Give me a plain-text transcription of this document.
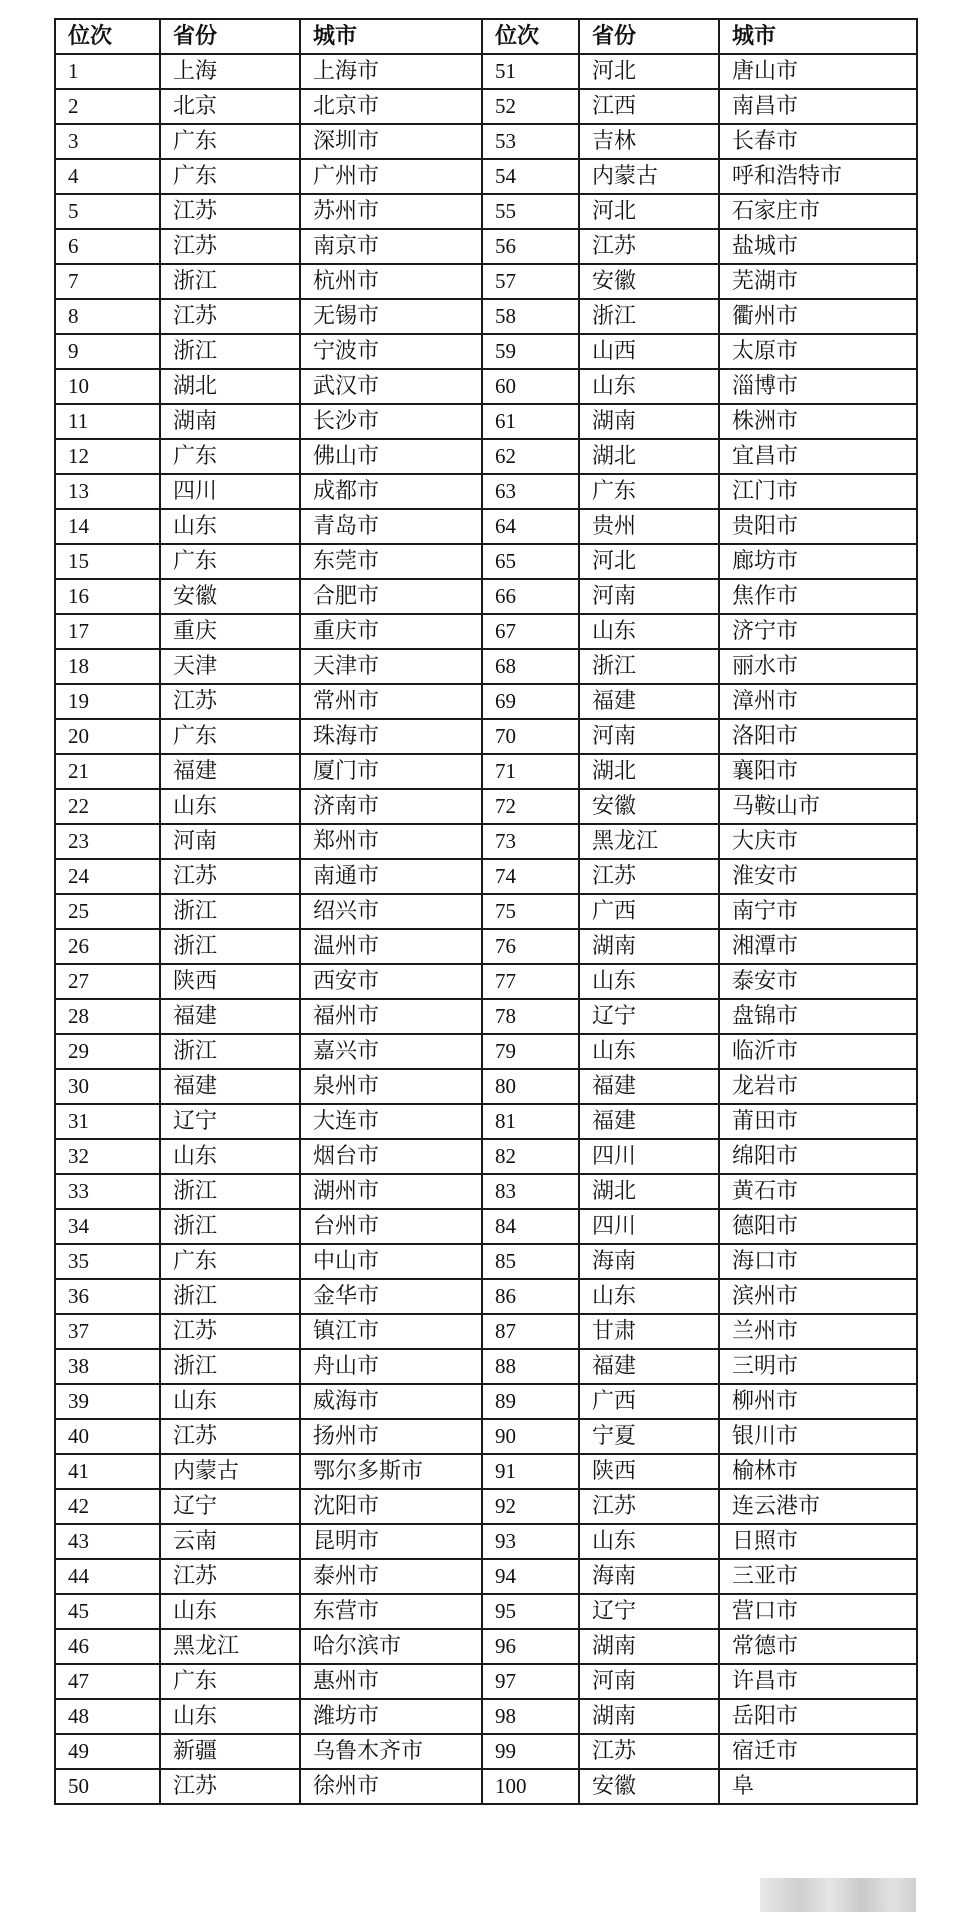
位次	省份	城市	位次	省份	城市
1	上海	上海市	51	河北	唐山市
2	北京	北京市	52	江西	南昌市
3	广东	深圳市	53	吉林	长春市
4	广东	广州市	54	内蒙古	呼和浩特市
5	江苏	苏州市	55	河北	石家庄市
6	江苏	南京市	56	江苏	盐城市
7	浙江	杭州市	57	安徽	芜湖市
8	江苏	无锡市	58	浙江	衢州市
9	浙江	宁波市	59	山西	太原市
10	湖北	武汉市	60	山东	淄博市
11	湖南	长沙市	61	湖南	株洲市
12	广东	佛山市	62	湖北	宜昌市
13	四川	成都市	63	广东	江门市
14	山东	青岛市	64	贵州	贵阳市
15	广东	东莞市	65	河北	廊坊市
16	安徽	合肥市	66	河南	焦作市
17	重庆	重庆市	67	山东	济宁市
18	天津	天津市	68	浙江	丽水市
19	江苏	常州市	69	福建	漳州市
20	广东	珠海市	70	河南	洛阳市
21	福建	厦门市	71	湖北	襄阳市
22	山东	济南市	72	安徽	马鞍山市
23	河南	郑州市	73	黑龙江	大庆市
24	江苏	南通市	74	江苏	淮安市
25	浙江	绍兴市	75	广西	南宁市
26	浙江	温州市	76	湖南	湘潭市
27	陕西	西安市	77	山东	泰安市
28	福建	福州市	78	辽宁	盘锦市
29	浙江	嘉兴市	79	山东	临沂市
30	福建	泉州市	80	福建	龙岩市
31	辽宁	大连市	81	福建	莆田市
32	山东	烟台市	82	四川	绵阳市
33	浙江	湖州市	83	湖北	黄石市
34	浙江	台州市	84	四川	德阳市
35	广东	中山市	85	海南	海口市
36	浙江	金华市	86	山东	滨州市
37	江苏	镇江市	87	甘肃	兰州市
38	浙江	舟山市	88	福建	三明市
39	山东	威海市	89	广西	柳州市
40	江苏	扬州市	90	宁夏	银川市
41	内蒙古	鄂尔多斯市	91	陕西	榆林市
42	辽宁	沈阳市	92	江苏	连云港市
43	云南	昆明市	93	山东	日照市
44	江苏	泰州市	94	海南	三亚市
45	山东	东营市	95	辽宁	营口市
46	黑龙江	哈尔滨市	96	湖南	常德市
47	广东	惠州市	97	河南	许昌市
48	山东	潍坊市	98	湖南	岳阳市
49	新疆	乌鲁木齐市	99	江苏	宿迁市
50	江苏	徐州市	100	安徽	阜
